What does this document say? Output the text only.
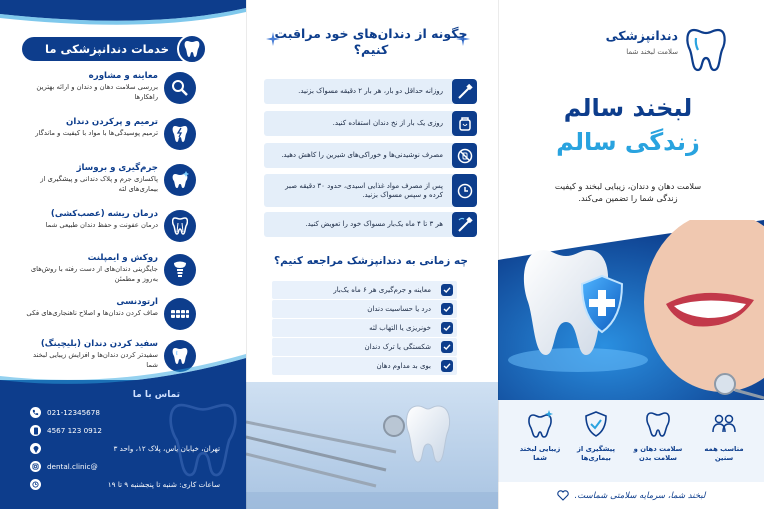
خدمات دندانپزشکی ما
معاینه و مشاوره
بررسی سلامت دهان و دندان و ارائه بهترین راهکارها
ترمیم و پرکردن دندان
ترمیم پوسیدگی‌ها با مواد با کیفیت و ماندگار
جرم‌گیری و بروساژ
پاکسازی جرم و پلاک دندانی و پیشگیری از بیماری‌های لثه
درمان ریشه (عصب‌کشی)
درمان عفونت و حفظ دندان طبیعی شما
روکش و ایمپلنت
جایگزینی دندان‌های از دست رفته با روش‌های به‌روز و مطمئن
ارتودنسی
صاف کردن دندان‌ها و اصلاح ناهنجاری‌های فکی
سفید کردن دندان (بلیچینگ)
سفیدتر کردن دندان‌ها و افزایش زیبایی لبخند شما
تماس با ما
021-12345678
0912 123 4567
تهران، خیابان یاس، پلاک ۱۲، واحد ۳
@dental.clinic
ساعات کاری: شنبه تا پنجشنبه ۹ تا ۱۹
چگونه از دندان‌های خود مراقبت کنیم؟
روزانه حداقل دو بار، هر بار ۲ دقیقه مسواک بزنید.
روزی یک بار از نخ دندان استفاده کنید.
مصرف نوشیدنی‌ها و خوراکی‌های شیرین را کاهش دهید.
پس از مصرف مواد غذایی اسیدی، حدود ۳۰ دقیقه صبر کرده و سپس مسواک بزنید.
هر ۳ تا ۴ ماه یک‌بار مسواک خود را تعویض کنید.
چه زمانی به دندانپزشک مراجعه کنیم؟
معاینه و جرم‌گیری هر ۶ ماه یک‌بار
درد یا حساسیت دندان
خونریزی یا التهاب لثه
شکستگی یا ترک دندان
بوی بد مداوم دهان
دندانپزشکی
سلامت لبخند شما
لبخند سالم
زندگی سالم
سلامت دهان و دندان، زیبایی لبخند و کیفیت زندگی شما را تضمین می‌کند.
مناسب همه سنین
سلامت دهان و سلامت بدن
پیشگیری از بیماری‌ها
زیبایی لبخند شما
لبخند شما، سرمایه سلامتی شماست.
